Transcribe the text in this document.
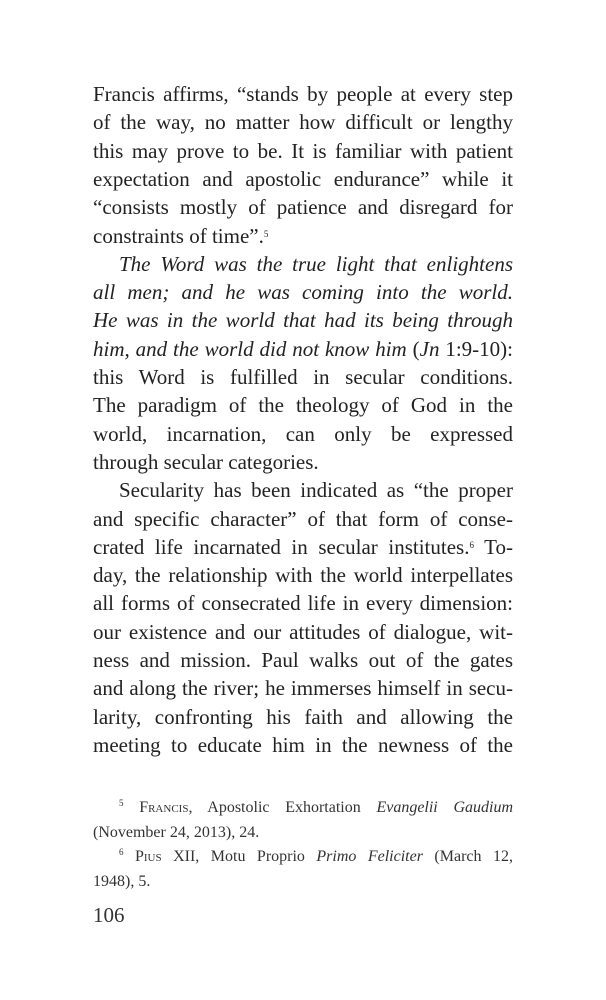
Francis affirms, “stands by people at every step
of the way, no matter how difficult or lengthy
this may prove to be. It is familiar with patient
expectation and apostolic endurance” while it
“consists mostly of patience and disregard for
constraints of time”.$^5$
The Word was the true light that enlightens
all men; and he was coming into the world.
He was in the world that had its being through
him, and the world did not know him (Jn 1:9-10):
this Word is fulfilled in secular conditions.
The paradigm of the theology of God in the
world, incarnation, can only be expressed
through secular categories.
Secularity has been indicated as “the proper
and specific character” of that form of conse-
crated life incarnated in secular institutes.$^6$ To-
day, the relationship with the world interpellates
all forms of consecrated life in every dimension:
our existence and our attitudes of dialogue, wit-
ness and mission. Paul walks out of the gates
and along the river; he immerses himself in secu-
larity, confronting his faith and allowing the
meeting to educate him in the newness of the
$^5$ Francis, Apostolic Exhortation Evangelii Gaudium
(November 24, 2013), 24.
$^6$ Pius XII, Motu Proprio Primo Feliciter (March 12,
1948), 5.
106
